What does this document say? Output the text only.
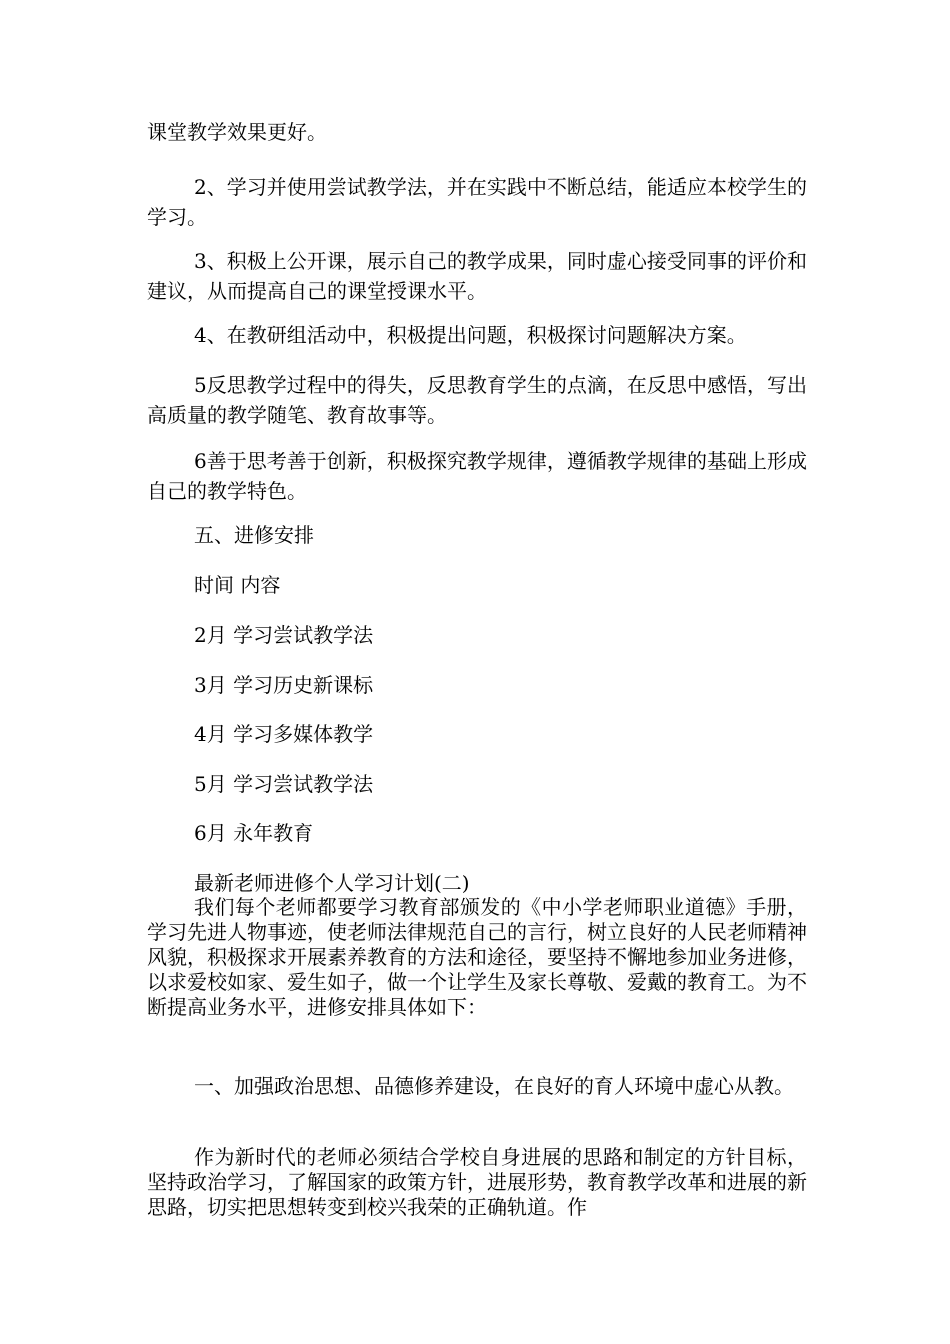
课堂教学效果更好。

2、学习并使用尝试教学法，并在实践中不断总结，能适应本校学生的学习。

3、积极上公开课，展示自己的教学成果，同时虚心接受同事的评价和建议，从而提高自己的课堂授课水平。

4、在教研组活动中，积极提出问题，积极探讨问题解决方案。

5反思教学过程中的得失，反思教育学生的点滴，在反思中感悟，写出高质量的教学随笔、教育故事等。

6善于思考善于创新，积极探究教学规律，遵循教学规律的基础上形成自己的教学特色。

五、进修安排

时间 内容

2月 学习尝试教学法

3月 学习历史新课标

4月 学习多媒体教学

5月 学习尝试教学法

6月 永年教育

最新老师进修个人学习计划(二)

我们每个老师都要学习教育部颁发的《中小学老师职业道德》手册，学习先进人物事迹，使老师法律规范自己的言行，树立良好的人民老师精神风貌，积极探求开展素养教育的方法和途径，要坚持不懈地参加业务进修，以求爱校如家、爱生如子，做一个让学生及家长尊敬、爱戴的教育工。为不断提高业务水平，进修安排具体如下：

一、加强政治思想、品德修养建设，在良好的育人环境中虚心从教。

作为新时代的老师必须结合学校自身进展的思路和制定的方针目标，坚持政治学习，了解国家的政策方针，进展形势，教育教学改革和进展的新思路，切实把思想转变到校兴我荣的正确轨道。作
